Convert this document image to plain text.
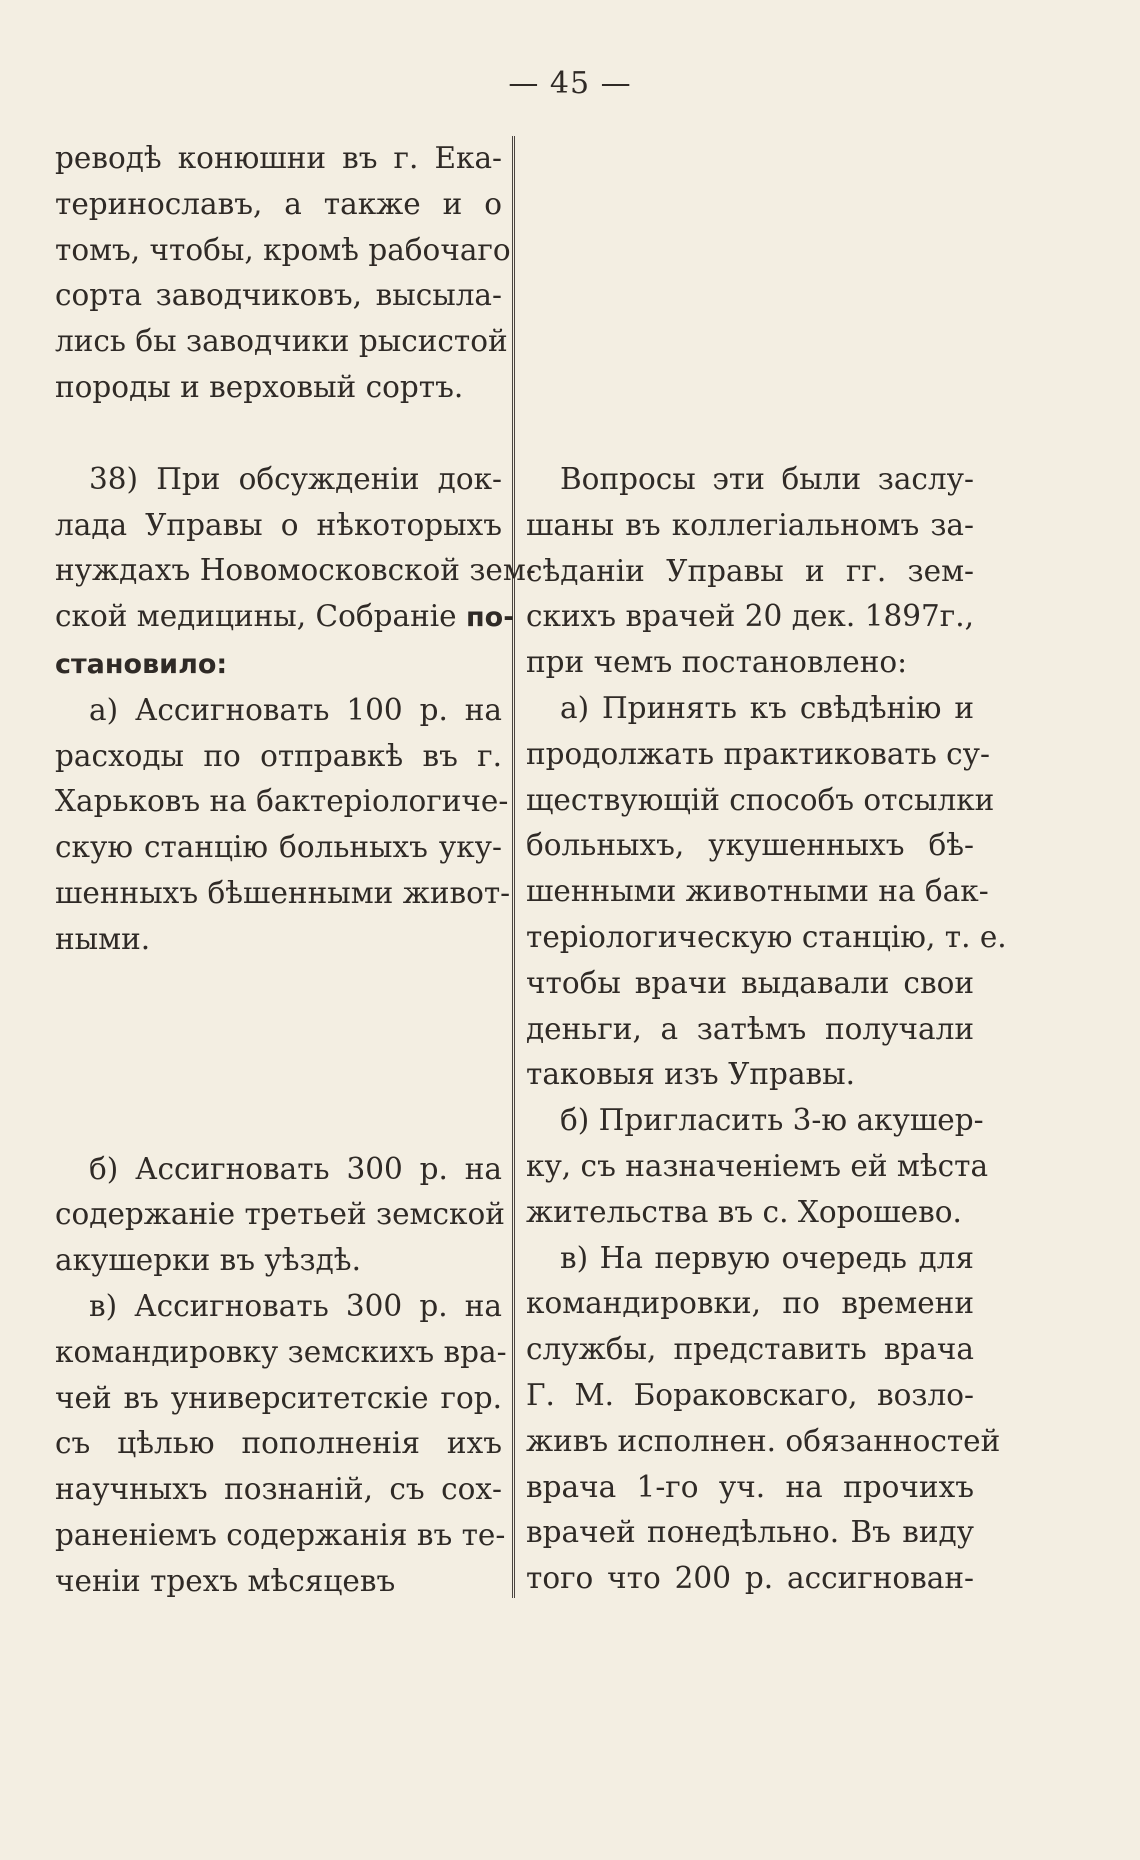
— 45 —

реводѣ конюшни въ г. Ека-

теринославъ, а также и о

томъ, чтобы, кромѣ рабочаго

сорта заводчиковъ, высыла-

лись бы заводчики рысистой

породы и верховый сортъ.

38) При обсужденіи док-

лада Управы о нѣкоторыхъ

нуждахъ Новомосковской зем-

ской медицины, Собраніе по-

становило:

а) Ассигновать 100 р. на

расходы по отправкѣ въ г.

Харьковъ на бактеріологиче-

скую станцію больныхъ уку-

шенныхъ бѣшенными живот-

ными.

б) Ассигновать 300 р. на

содержаніе третьей земской

акушерки въ уѣздѣ.

в) Ассигновать 300 р. на

командировку земскихъ вра-

чей въ университетскіе гор.

съ цѣлью пополненія ихъ

научныхъ познаній, съ сох-

раненіемъ содержанія въ те-

ченіи трехъ мѣсяцевъ

Вопросы эти были заслу-

шаны въ коллегіальномъ за-

сѣданіи Управы и гг. зем-

скихъ врачей 20 дек. 1897г.,

при чемъ постановлено:

а) Принять къ свѣдѣнію и

продолжать практиковать су-

ществующій способъ отсылки

больныхъ, укушенныхъ бѣ-

шенными животными на бак-

теріологическую станцію, т. е.

чтобы врачи выдавали свои

деньги, а затѣмъ получали

таковыя изъ Управы.

б) Пригласить 3-ю акушер-

ку, съ назначеніемъ ей мѣста

жительства въ с. Хорошево.

в) На первую очередь для

командировки, по времени

службы, представить врача

Г. М. Бораковскаго, возло-

живъ исполнен. обязанностей

врача 1-го уч. на прочихъ

врачей понедѣльно. Въ виду

того что 200 р. ассигнован-
